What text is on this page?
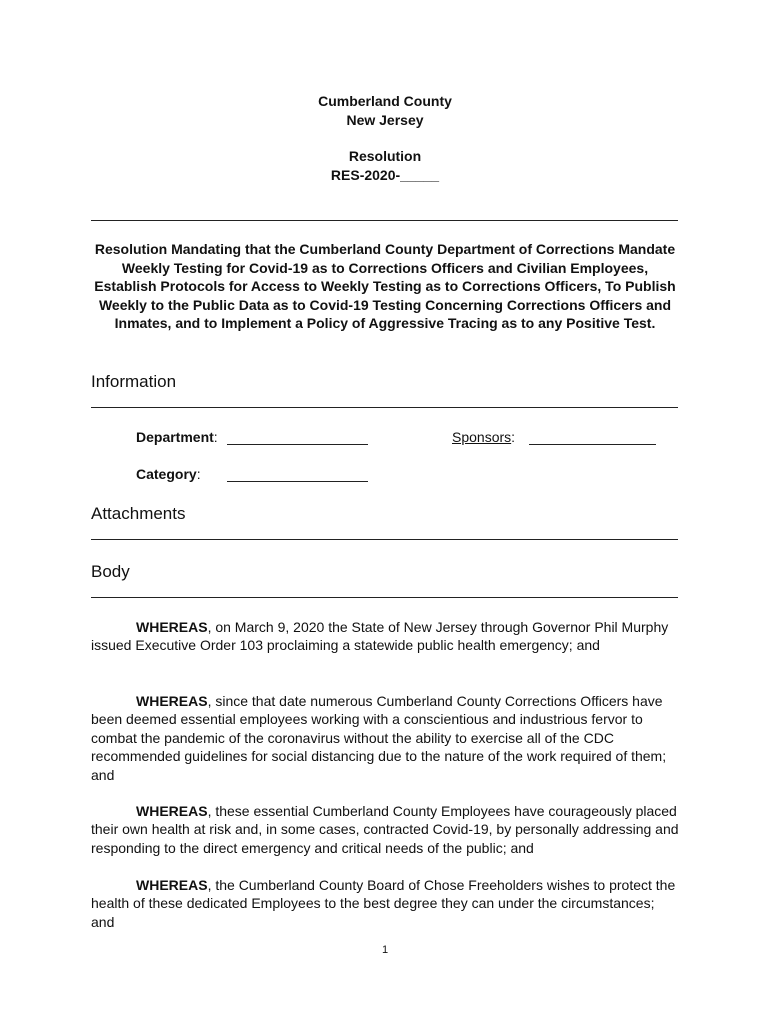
Cumberland County
New Jersey
Resolution
RES-2020-_____
Resolution Mandating that the Cumberland County Department of Corrections Mandate Weekly Testing for Covid-19 as to Corrections Officers and Civilian Employees, Establish Protocols for Access to Weekly Testing as to Corrections Officers, To Publish Weekly to the Public Data as to Covid-19 Testing Concerning Corrections Officers and Inmates, and to Implement a Policy of Aggressive Tracing as to any Positive Test.
Information
Department:	Sponsors:
Category:
Attachments
Body
WHEREAS, on March 9, 2020 the State of New Jersey through Governor Phil Murphy issued Executive Order 103 proclaiming a statewide public health emergency; and
WHEREAS, since that date numerous Cumberland County Corrections Officers have been deemed essential employees working with a conscientious and industrious fervor to combat the pandemic of the coronavirus without the ability to exercise all of the CDC recommended guidelines for social distancing due to the nature of the work required of them; and
WHEREAS, these essential Cumberland County Employees have courageously placed their own health at risk and, in some cases, contracted Covid-19, by personally addressing and responding to the direct emergency and critical needs of the public; and
WHEREAS, the Cumberland County Board of Chose Freeholders wishes to protect the health of these dedicated Employees to the best degree they can under the circumstances; and
1
